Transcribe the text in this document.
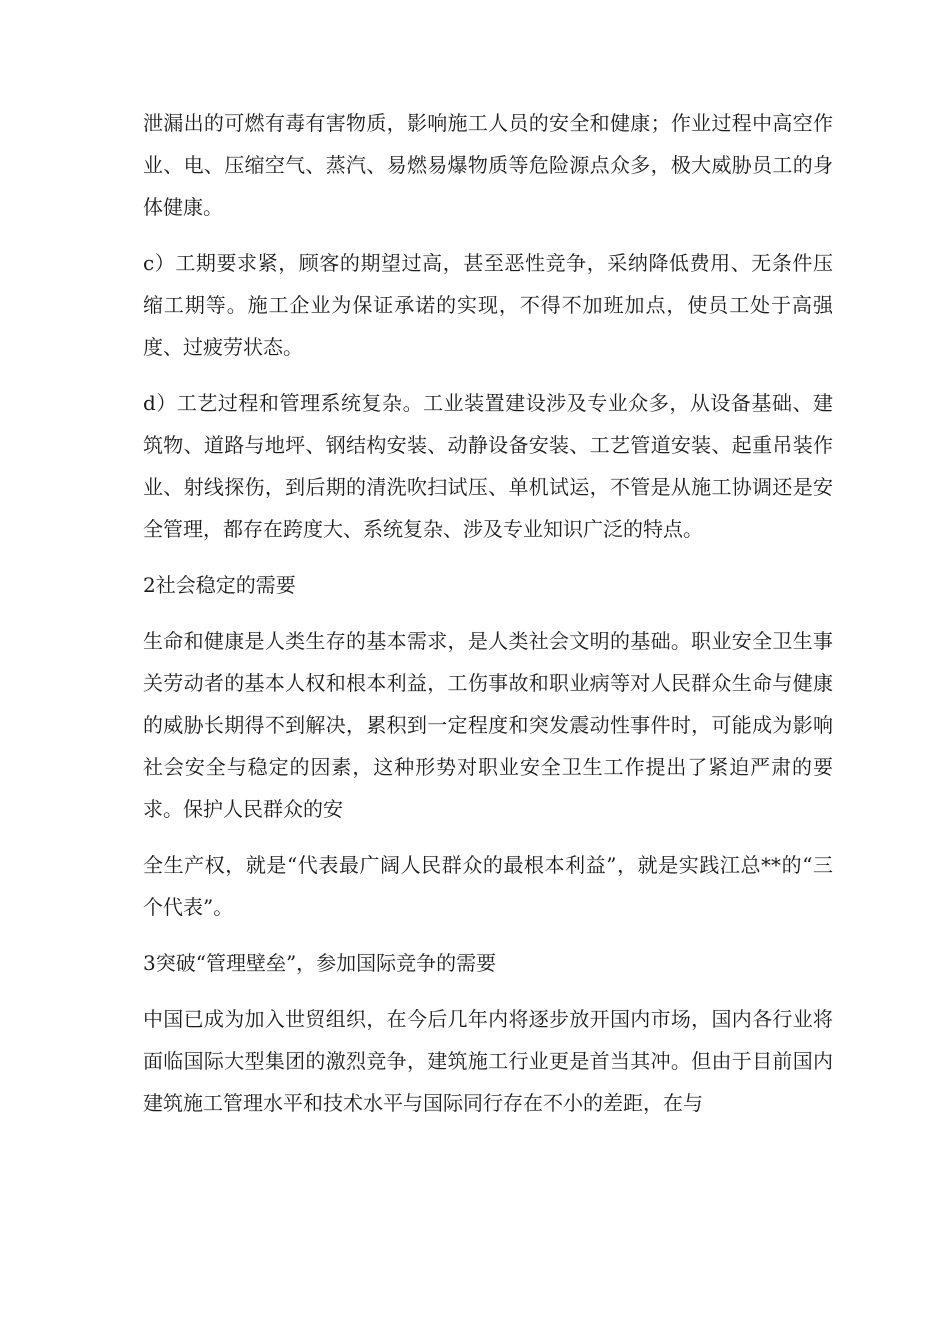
泄漏出的可燃有毒有害物质，影响施工人员的安全和健康；作业过程中高空作业、电、压缩空气、蒸汽、易燃易爆物质等危险源点众多，极大威胁员工的身体健康。

c）工期要求紧，顾客的期望过高，甚至恶性竞争，采纳降低费用、无条件压缩工期等。施工企业为保证承诺的实现，不得不加班加点，使员工处于高强度、过疲劳状态。

d）工艺过程和管理系统复杂。工业装置建设涉及专业众多，从设备基础、建筑物、道路与地坪、钢结构安装、动静设备安装、工艺管道安装、起重吊装作业、射线探伤，到后期的清洗吹扫试压、单机试运，不管是从施工协调还是安全管理，都存在跨度大、系统复杂、涉及专业知识广泛的特点。

2社会稳定的需要

生命和健康是人类生存的基本需求，是人类社会文明的基础。职业安全卫生事关劳动者的基本人权和根本利益，工伤事故和职业病等对人民群众生命与健康的威胁长期得不到解决，累积到一定程度和突发震动性事件时，可能成为影响社会安全与稳定的因素，这种形势对职业安全卫生工作提出了紧迫严肃的要求。保护人民群众的安

全生产权，就是“代表最广阔人民群众的最根本利益”，就是实践江总**的“三个代表”。

3突破“管理壁垒”，参加国际竞争的需要

中国已成为加入世贸组织，在今后几年内将逐步放开国内市场，国内各行业将面临国际大型集团的激烈竞争，建筑施工行业更是首当其冲。但由于目前国内建筑施工管理水平和技术水平与国际同行存在不小的差距，在与
